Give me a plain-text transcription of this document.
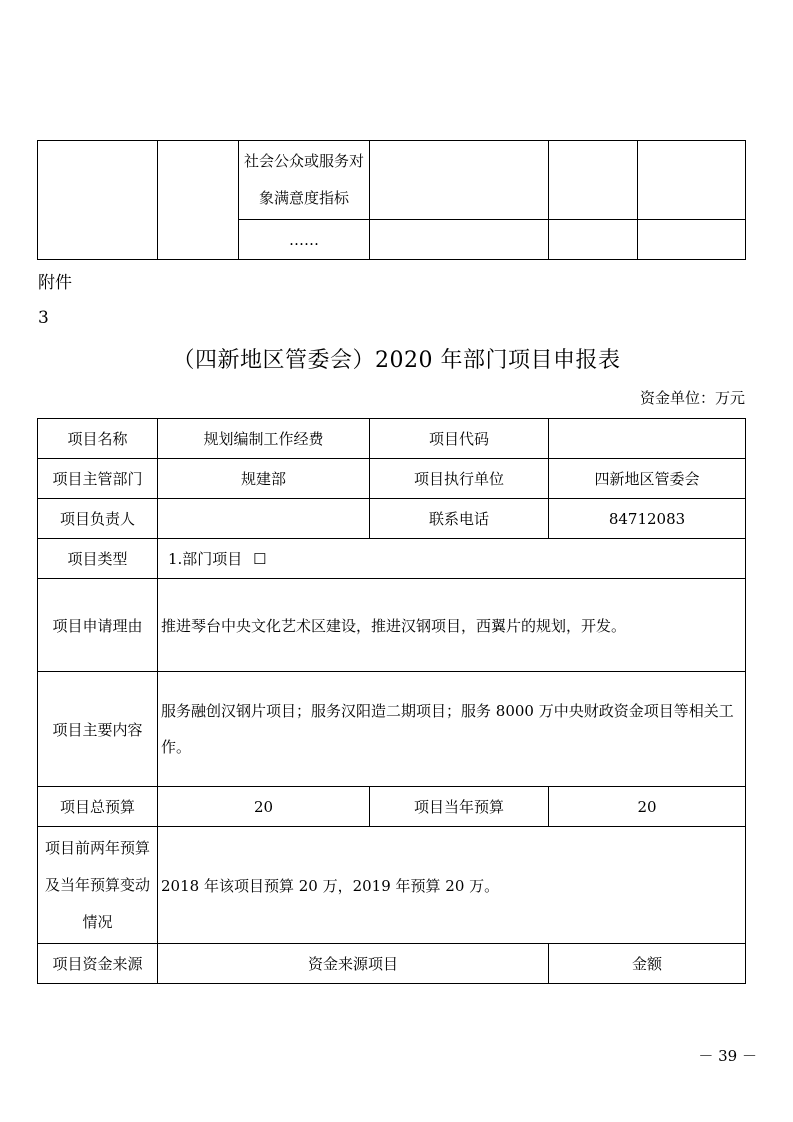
		社会公众或服务对
象满意度指标			

		……			
附件
3
（四新地区管委会）2020 年部门项目申报表
资金单位：万元
项目名称	规划编制工作经费	项目代码	
项目主管部门	规建部	项目执行单位	四新地区管委会
项目负责人		联系电话	84712083
项目类型	1.部门项目 ☐		
项目申请理由	推进琴台中央文化艺术区建设，推进汉钢项目，西翼片的规划，开发。		
项目主要内容	服务融创汉钢片项目；服务汉阳造二期项目；服务 8000 万中央财政资金项目等相关工作。		
项目总预算	20	项目当年预算	20

项目前两年预算
及当年预算变动
情况	2018 年该项目预算 20 万，2019 年预算 20 万。		
项目资金来源	资金来源项目		金额
－ 39 －
